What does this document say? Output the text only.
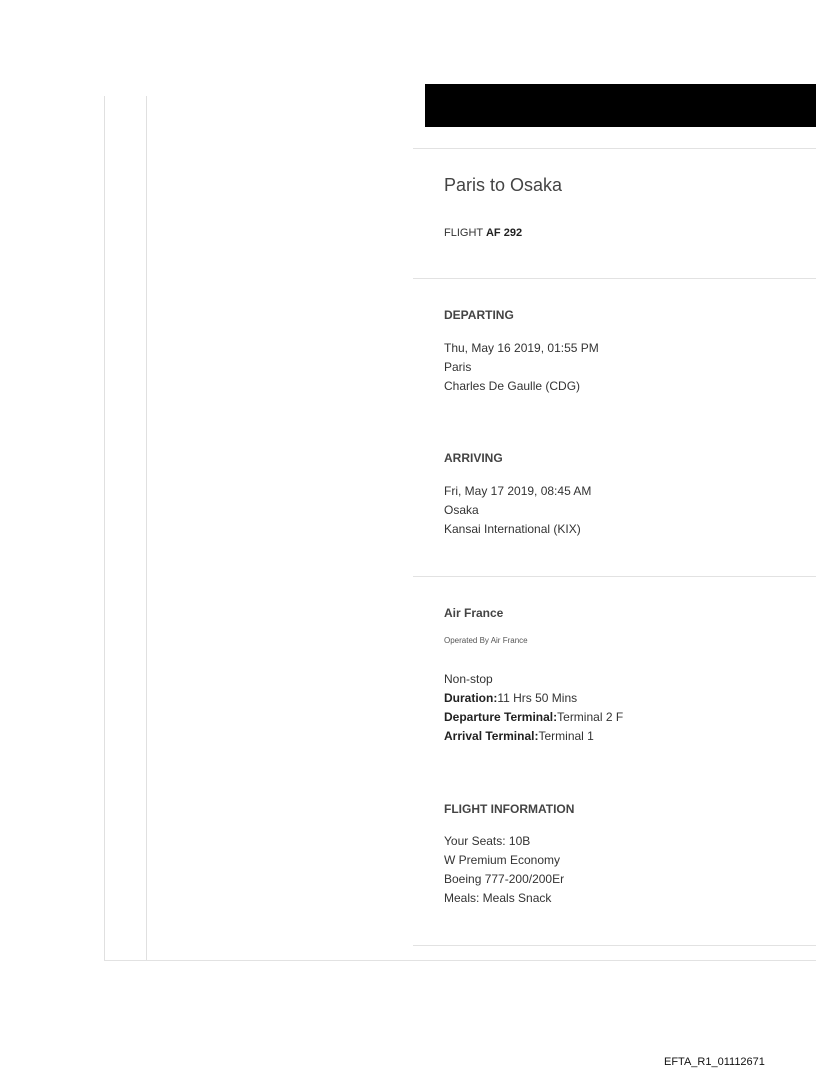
Paris to Osaka
FLIGHT AF 292
DEPARTING
Thu, May 16 2019, 01:55 PM
Paris
Charles De Gaulle (CDG)
ARRIVING
Fri, May 17 2019, 08:45 AM
Osaka
Kansai International (KIX)
Air France
Operated By Air France
Non-stop
Duration:11 Hrs 50 Mins
Departure Terminal:Terminal 2 F
Arrival Terminal:Terminal 1
FLIGHT INFORMATION
Your Seats: 10B
W Premium Economy
Boeing 777-200/200Er
Meals: Meals Snack
EFTA_R1_01112671
